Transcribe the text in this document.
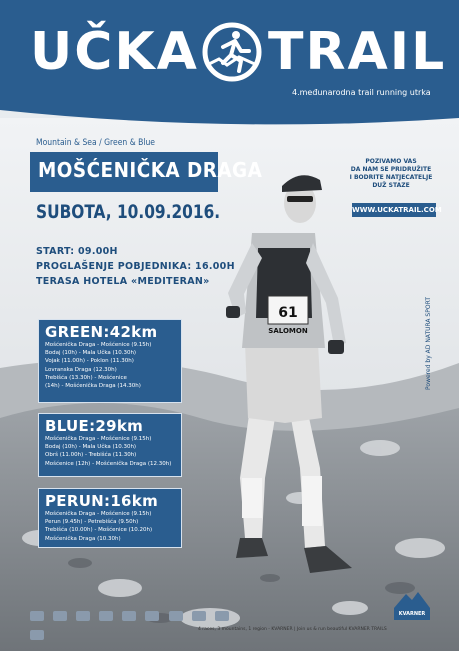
61
SALOMON
UČKA TRAIL
4.međunarodna trail running utrka
Mountain & Sea / Green & Blue
MOŠĆENIČKA DRAGA
SUBOTA, 10.09.2016.
START: 09.00H
PROGLAŠENJE POBJEDNIKA: 16.00H
TERASA HOTELA «MEDITERAN»
POZIVAMO VAS
DA NAM SE PRIDRUŽITE
I BODRITE NATJECATELJE
DUŽ STAZE
WWW.UCKATRAIL.COM
Powered by AD NATURA SPORT
GREEN:42km
Mošćenička Draga - Mošćenice (9.15h)
Bodaj (10h) - Mala Učka (10.30h)
Vojak (11.00h) - Poklon (11.30h)
Lovranska Draga (12.30h)
Trebišća (13.30h) - Mošćenice
(14h) - Mošćenička Draga (14.30h)
BLUE:29km
Mošćenička Draga - Mošćenice (9.15h)
Bodaj (10h) - Mala Učka (10.30h)
Obrš (11.00h) - Trebišća (11.30h)
Mošćenice (12h) - Mošćenička Draga (12.30h)
PERUN:16km
Mošćenička Draga - Mošćenice (9.15h)
Perun (9.45h) - Petrebišća (9.50h)
Trebišća (10.00h) - Mošćenice (10.20h)
Mošćenička Draga (10.30h)

4 races, 3 mountains, 1 region - KVARNER | Join us & run beautiful KVARNER TRAILS
KVARNER
